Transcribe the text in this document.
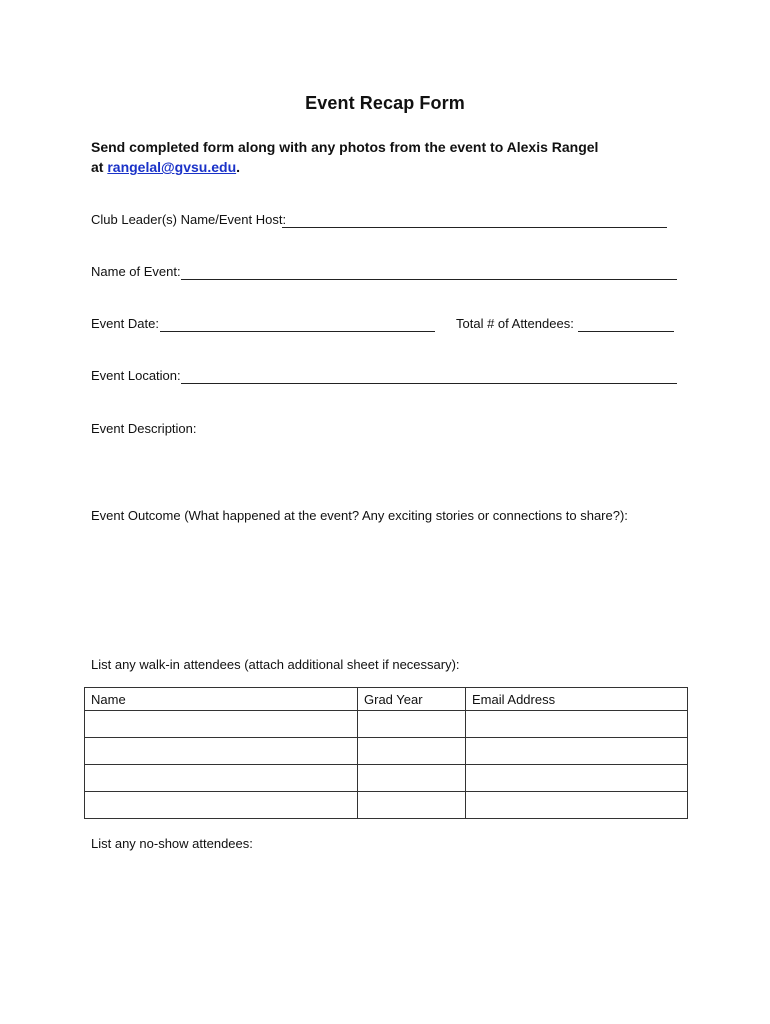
Event Recap Form
Send completed form along with any photos from the event to Alexis Rangel
at rangelal@gvsu.edu.
Club Leader(s) Name/Event Host:
Name of Event:
Event Date:	Total # of Attendees:
Event Location:
Event Description:
Event Outcome (What happened at the event? Any exciting stories or connections to share?):
List any walk-in attendees (attach additional sheet if necessary):
Name	Grad Year	Email Address

List any no-show attendees:
